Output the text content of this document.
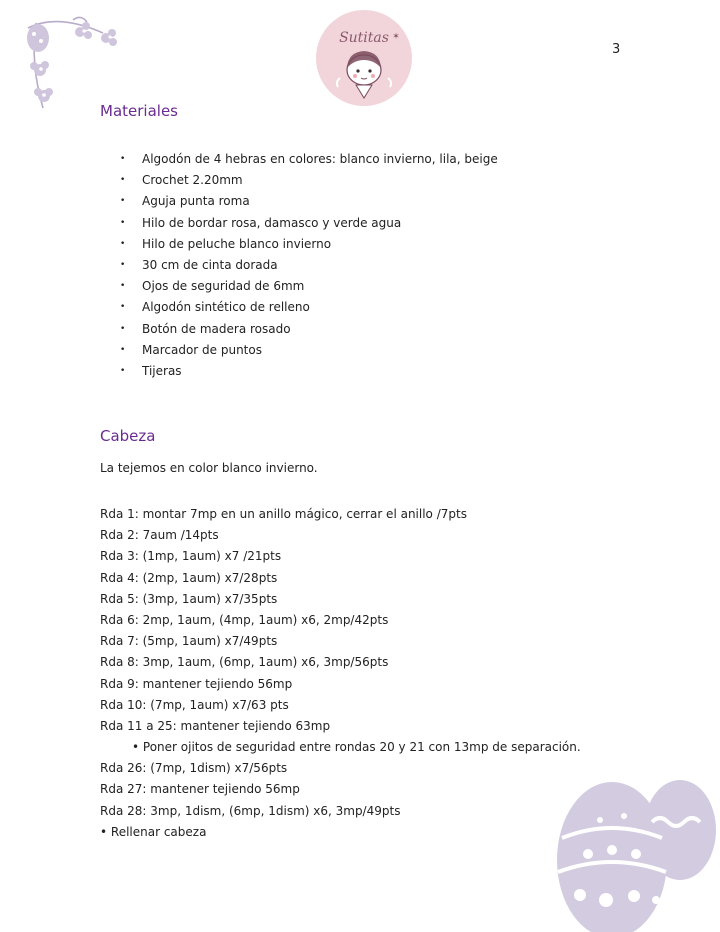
Sutitas ✶
3
Materiales
• Algodón de 4 hebras en colores: blanco invierno, lila, beige
• Crochet 2.20mm
• Aguja punta roma
• Hilo de bordar rosa, damasco y verde agua
• Hilo de peluche blanco invierno
• 30 cm de cinta dorada
• Ojos de seguridad de 6mm
• Algodón sintético de relleno
• Botón de madera rosado
• Marcador de puntos
• Tijeras
Cabeza

La tejemos en color blanco invierno.

Rda 1: montar 7mp en un anillo mágico, cerrar el anillo /7pts
Rda 2: 7aum /14pts
Rda 3: (1mp, 1aum) x7 /21pts
Rda 4: (2mp, 1aum) x7/28pts
Rda 5: (3mp, 1aum) x7/35pts
Rda 6: 2mp, 1aum, (4mp, 1aum) x6, 2mp/42pts
Rda 7: (5mp, 1aum) x7/49pts
Rda 8: 3mp, 1aum, (6mp, 1aum) x6, 3mp/56pts
Rda 9: mantener tejiendo 56mp
Rda 10: (7mp, 1aum) x7/63 pts
Rda 11 a 25: mantener tejiendo 63mp
• Poner ojitos de seguridad entre rondas 20 y 21 con 13mp de separación.
Rda 26: (7mp, 1dism) x7/56pts
Rda 27: mantener tejiendo 56mp
Rda 28: 3mp, 1dism, (6mp, 1dism) x6, 3mp/49pts
• Rellenar cabeza
